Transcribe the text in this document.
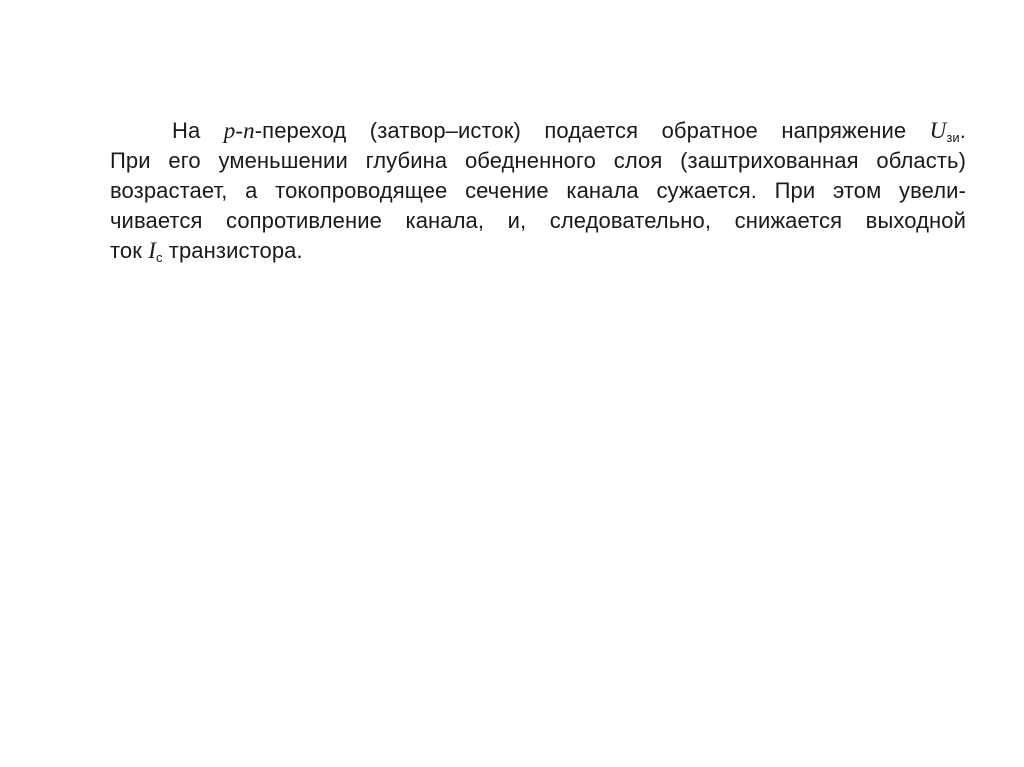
На p-n-переход (затвор–исток) подается обратное напряжение $U_{зи}$.
При его уменьшении глубина обедненного слоя (заштрихованная область)
возрастает, а токопроводящее сечение канала сужается. При этом увели-
чивается сопротивление канала, и, следовательно, снижается выходной
ток $I_с$ транзистора.
